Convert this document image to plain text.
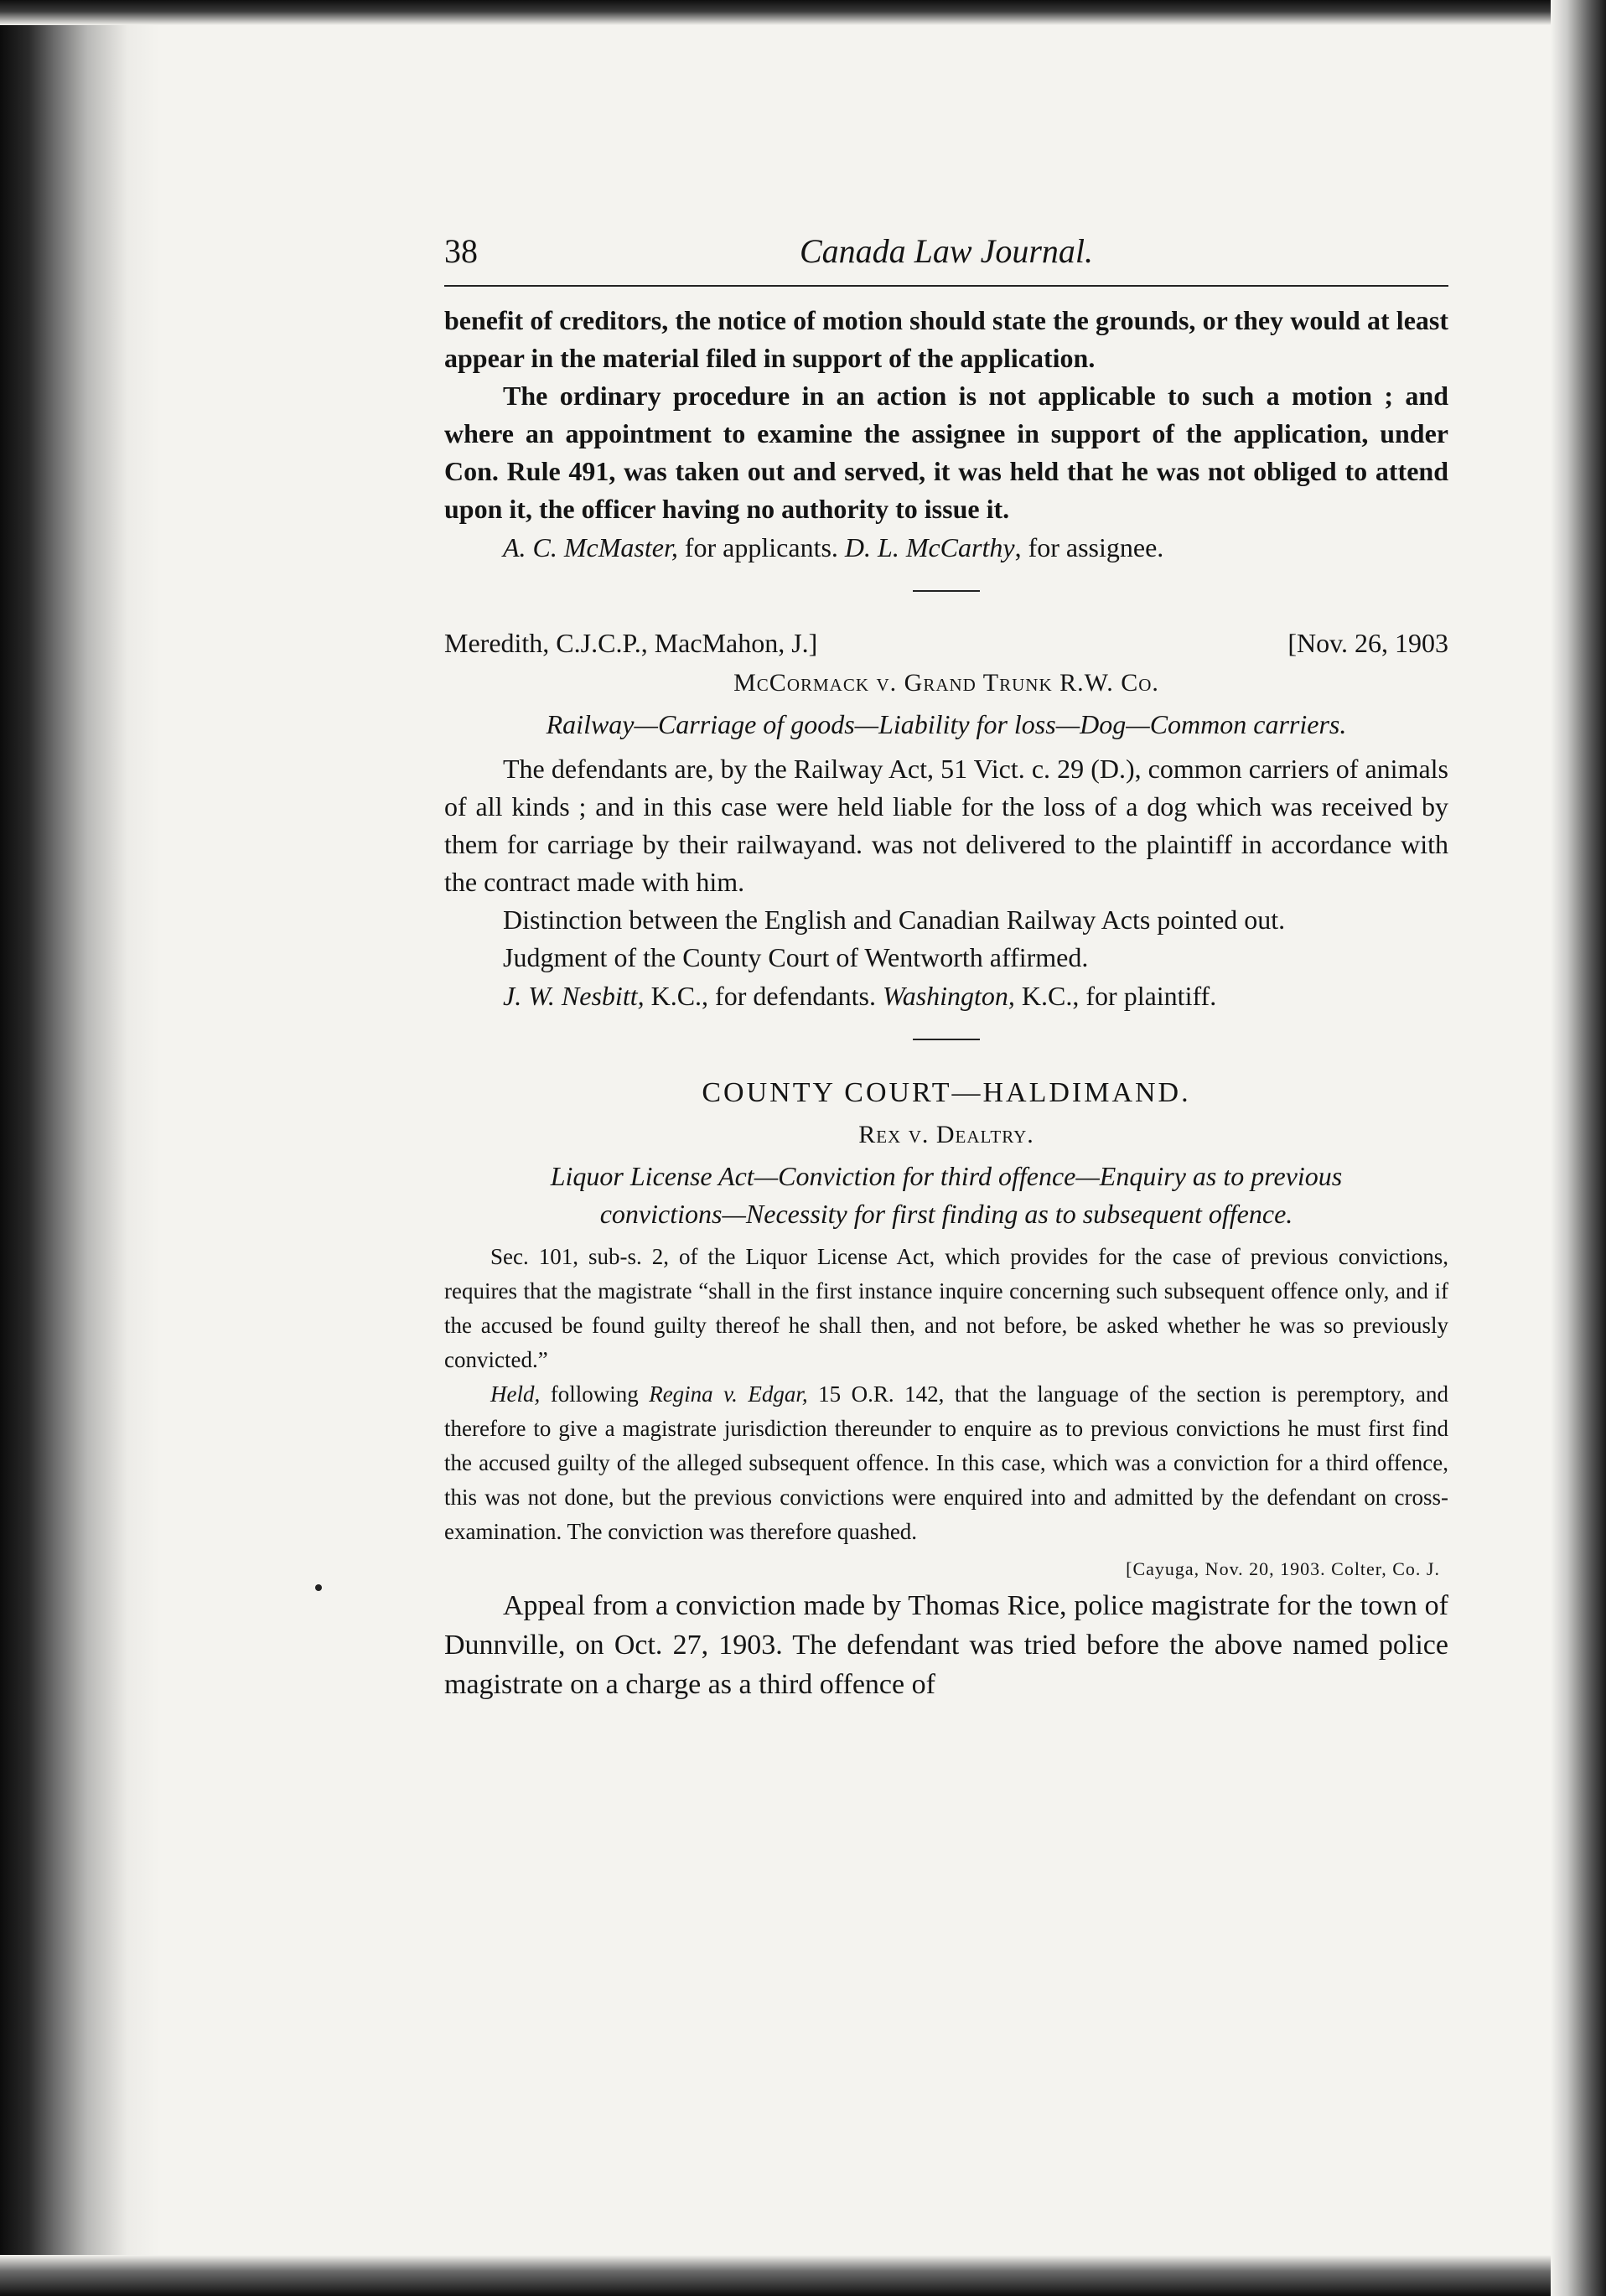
38	Canada Law Journal.

benefit of creditors, the notice of motion should state the grounds, or they would at least appear in the material filed in support of the application.

The ordinary procedure in an action is not applicable to such a motion ; and where an appointment to examine the assignee in support of the application, under Con. Rule 491, was taken out and served, it was held that he was not obliged to attend upon it, the officer having no authority to issue it.

A. C. McMaster, for applicants. D. L. McCarthy, for assignee.

Meredith, C.J.C.P., MacMahon, J.]	[Nov. 26, 1903
McCormack v. Grand Trunk R.W. Co.
Railway—Carriage of goods—Liability for loss—Dog—Common carriers.

The defendants are, by the Railway Act, 51 Vict. c. 29 (D.), common carriers of animals of all kinds ; and in this case were held liable for the loss of a dog which was received by them for carriage by their railwayand. was not delivered to the plaintiff in accordance with the contract made with him.

Distinction between the English and Canadian Railway Acts pointed out.

Judgment of the County Court of Wentworth affirmed.

J. W. Nesbitt, K.C., for defendants. Washington, K.C., for plaintiff.

COUNTY COURT—HALDIMAND.
Rex v. Dealtry.
Liquor License Act—Conviction for third offence—Enquiry as to previous
convictions—Necessity for first finding as to subsequent offence.

Sec. 101, sub-s. 2, of the Liquor License Act, which provides for the case of previous convictions, requires that the magistrate “shall in the first instance inquire concerning such subsequent offence only, and if the accused be found guilty thereof he shall then, and not before, be asked whether he was so previously convicted.”

Held, following Regina v. Edgar, 15 O.R. 142, that the language of the section is peremptory, and therefore to give a magistrate jurisdiction thereunder to enquire as to previous convictions he must first find the accused guilty of the alleged subsequent offence. In this case, which was a conviction for a third offence, this was not done, but the previous convictions were enquired into and admitted by the defendant on cross-examination. The conviction was therefore quashed.

[Cayuga, Nov. 20, 1903. Colter, Co. J.

Appeal from a conviction made by Thomas Rice, police magistrate for the town of Dunnville, on Oct. 27, 1903. The defendant was tried before the above named police magistrate on a charge as a third offence of
